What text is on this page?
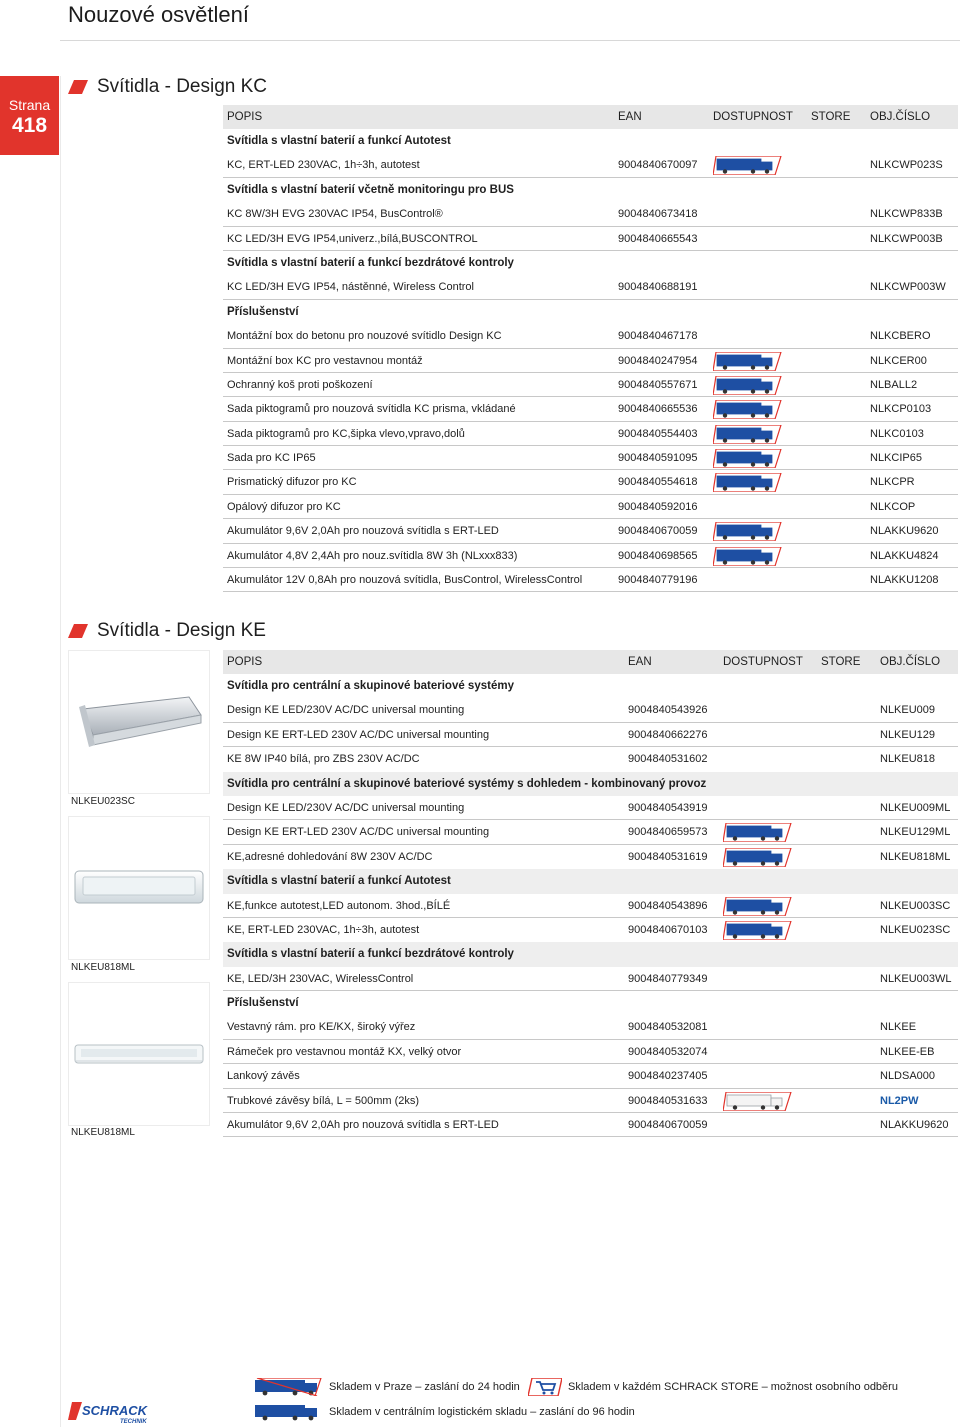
Nouzové osvětlení
Strana
418
Svítidla - Design KC
POPIS	EAN	DOSTUPNOST STORE OBJ.ČÍSLO
Svítidla s vlastní baterií a funkcí Autotest
KC, ERT-LED 230VAC, 1h÷3h, autotest	9004840670097	NLKCWP023S
Svítidla s vlastní baterií včetně monitoringu pro BUS
KC 8W/3H EVG 230VAC IP54, BusControl®	9004840673418	NLKCWP833B
KC LED/3H EVG IP54,univerz.,bílá,BUSCONTROL	9004840665543	NLKCWP003B
Svítidla s vlastní baterií a funkcí bezdrátové kontroly
KC LED/3H EVG IP54, nástěnné, Wireless Control	9004840688191	NLKCWP003W
Příslušenství
Montážní box do betonu pro nouzové svítidlo Design KC	9004840467178	NLKCBERO
Montážní box KC pro vestavnou montáž	9004840247954	NLKCER00
Ochranný koš proti poškození	9004840557671	NLBALL2
Sada piktogramů pro nouzová svítidla KC prisma, vkládané	9004840665536	NLKCP0103
Sada piktogramů pro KC,šipka vlevo,vpravo,dolů	9004840554403	NLKC0103
Sada pro KC IP65	9004840591095	NLKCIP65
Prismatický difuzor pro KC	9004840554618	NLKCPR
Opálový difuzor pro KC	9004840592016	NLKCOP
Akumulátor 9,6V 2,0Ah pro nouzová svítidla s ERT-LED	9004840670059	NLAKKU9620
Akumulátor 4,8V 2,4Ah pro nouz.svítidla 8W 3h (NLxxx833)	9004840698565	NLAKKU4824
Akumulátor 12V 0,8Ah pro nouzová svítidla, BusControl, WirelessControl	9004840779196	NLAKKU1208
Svítidla - Design KE
NLKEU023SC
NLKEU818ML
NLKEU818ML
POPIS	EAN	DOSTUPNOST STORE OBJ.ČÍSLO
Svítidla pro centrální a skupinové bateriové systémy
Design KE LED/230V AC/DC universal mounting	9004840543926	NLKEU009
Design KE ERT-LED 230V AC/DC universal mounting	9004840662276	NLKEU129
KE 8W IP40 bílá, pro ZBS 230V AC/DC	9004840531602	NLKEU818
Svítidla pro centrální a skupinové bateriové systémy s dohledem - kombinovaný provoz
Design KE LED/230V AC/DC universal mounting	9004840543919	NLKEU009ML
Design KE ERT-LED 230V AC/DC universal mounting	9004840659573	NLKEU129ML
KE,adresné dohledování 8W 230V AC/DC	9004840531619	NLKEU818ML
Svítidla s vlastní baterií a funkcí Autotest
KE,funkce autotest,LED autonom. 3hod.,BÍLÉ	9004840543896	NLKEU003SC
KE, ERT-LED 230VAC, 1h÷3h, autotest	9004840670103	NLKEU023SC
Svítidla s vlastní baterií a funkcí bezdrátové kontroly
KE, LED/3H 230VAC, WirelessControl	9004840779349	NLKEU003WL
Příslušenství
Vestavný rám. pro KE/KX, široký výřez	9004840532081	NLKEE
Rámeček pro vestavnou montáž KX, velký otvor	9004840532074	NLKEE-EB
Lankový závěs	9004840237405	NLDSA000
Trubkové závěsy bílá, L = 500mm (2ks)	9004840531633	NL2PW
Akumulátor 9,6V 2,0Ah pro nouzová svítidla s ERT-LED	9004840670059	NLAKKU9620
Skladem v Praze – zaslání do 24 hodin	Skladem v každém SCHRACK STORE – možnost osobního odběru
Skladem v centrálním logistickém skladu – zaslání do 96 hodin
SCHRACK
TECHNIK
